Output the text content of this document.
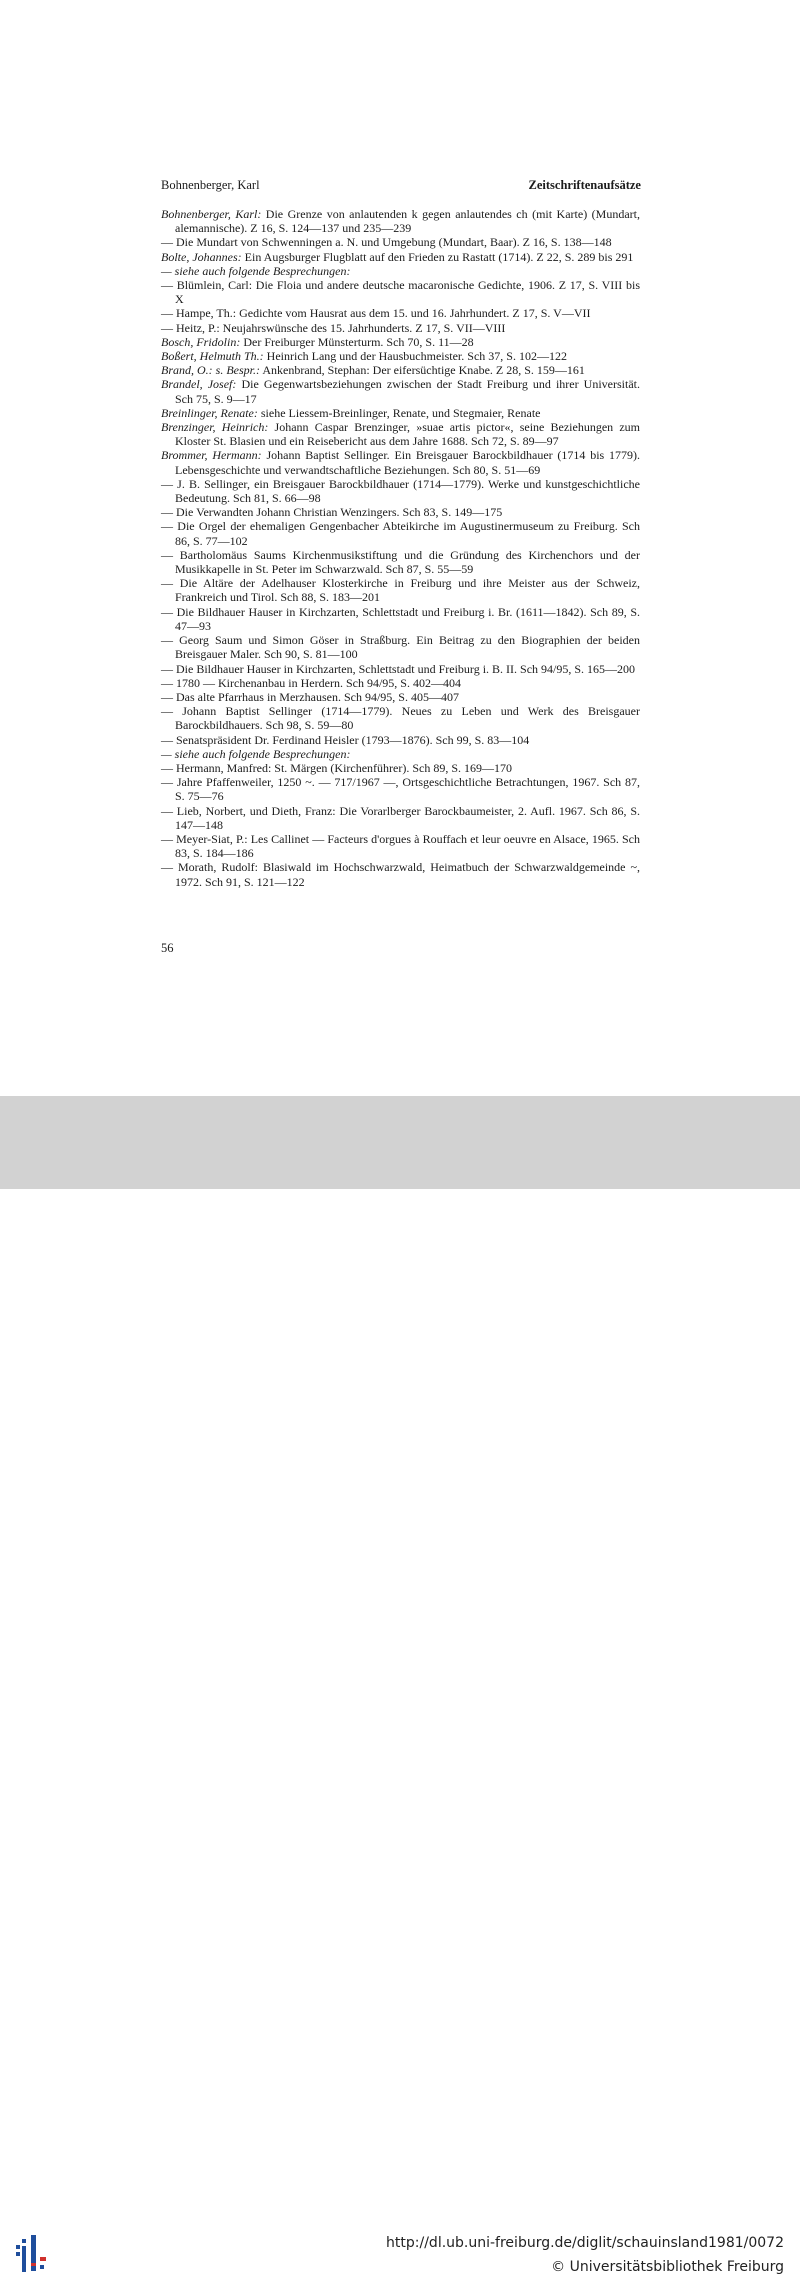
Bohnenberger, Karl	Zeitschriftenaufsätze

Bohnenberger, Karl: Die Grenze von anlautenden k gegen anlautendes ch (mit Karte) (Mundart, alemannische). Z 16, S. 124—137 und 235—239

— Die Mundart von Schwenningen a. N. und Umgebung (Mundart, Baar). Z 16, S. 138—148

Bolte, Johannes: Ein Augsburger Flugblatt auf den Frieden zu Rastatt (1714). Z 22, S. 289 bis 291

— siehe auch folgende Besprechungen:

— Blümlein, Carl: Die Floia und andere deutsche macaronische Gedichte, 1906. Z 17, S. VIII bis X

— Hampe, Th.: Gedichte vom Hausrat aus dem 15. und 16. Jahrhundert. Z 17, S. V—VII

— Heitz, P.: Neujahrswünsche des 15. Jahrhunderts. Z 17, S. VII—VIII

Bosch, Fridolin: Der Freiburger Münsterturm. Sch 70, S. 11—28

Boßert, Helmuth Th.: Heinrich Lang und der Hausbuchmeister. Sch 37, S. 102—122

Brand, O.: s. Bespr.: Ankenbrand, Stephan: Der eifersüchtige Knabe. Z 28, S. 159—161

Brandel, Josef: Die Gegenwartsbeziehungen zwischen der Stadt Freiburg und ihrer Universität. Sch 75, S. 9—17

Breinlinger, Renate: siehe Liessem-Breinlinger, Renate, und Stegmaier, Renate

Brenzinger, Heinrich: Johann Caspar Brenzinger, »suae artis pictor«, seine Beziehungen zum Kloster St. Blasien und ein Reisebericht aus dem Jahre 1688. Sch 72, S. 89—97

Brommer, Hermann: Johann Baptist Sellinger. Ein Breisgauer Barockbildhauer (1714 bis 1779). Lebensgeschichte und verwandtschaftliche Beziehungen. Sch 80, S. 51—69

— J. B. Sellinger, ein Breisgauer Barockbildhauer (1714—1779). Werke und kunstgeschichtliche Bedeutung. Sch 81, S. 66—98

— Die Verwandten Johann Christian Wenzingers. Sch 83, S. 149—175

— Die Orgel der ehemaligen Gengenbacher Abteikirche im Augustinermuseum zu Freiburg. Sch 86, S. 77—102

— Bartholomäus Saums Kirchenmusikstiftung und die Gründung des Kirchenchors und der Musikkapelle in St. Peter im Schwarzwald. Sch 87, S. 55—59

— Die Altäre der Adelhauser Klosterkirche in Freiburg und ihre Meister aus der Schweiz, Frankreich und Tirol. Sch 88, S. 183—201

— Die Bildhauer Hauser in Kirchzarten, Schlettstadt und Freiburg i. Br. (1611—1842). Sch 89, S. 47—93

— Georg Saum und Simon Göser in Straßburg. Ein Beitrag zu den Biographien der beiden Breisgauer Maler. Sch 90, S. 81—100

— Die Bildhauer Hauser in Kirchzarten, Schlettstadt und Freiburg i. B. II. Sch 94/95, S. 165—200

— 1780 — Kirchenanbau in Herdern. Sch 94/95, S. 402—404

— Das alte Pfarrhaus in Merzhausen. Sch 94/95, S. 405—407

— Johann Baptist Sellinger (1714—1779). Neues zu Leben und Werk des Breisgauer Barockbildhauers. Sch 98, S. 59—80

— Senatspräsident Dr. Ferdinand Heisler (1793—1876). Sch 99, S. 83—104

— siehe auch folgende Besprechungen:

— Hermann, Manfred: St. Märgen (Kirchenführer). Sch 89, S. 169—170

— Jahre Pfaffenweiler, 1250 ~. — 717/1967 —, Ortsgeschichtliche Betrachtungen, 1967. Sch 87, S. 75—76

— Lieb, Norbert, und Dieth, Franz: Die Vorarlberger Barockbaumeister, 2. Aufl. 1967. Sch 86, S. 147—148

— Meyer-Siat, P.: Les Callinet — Facteurs d'orgues à Rouffach et leur oeuvre en Alsace, 1965. Sch 83, S. 184—186

— Morath, Rudolf: Blasiwald im Hochschwarzwald, Heimatbuch der Schwarzwaldgemeinde ~, 1972. Sch 91, S. 121—122

56
http://dl.ub.uni-freiburg.de/diglit/schauinsland1981/0072
© Universitätsbibliothek Freiburg
